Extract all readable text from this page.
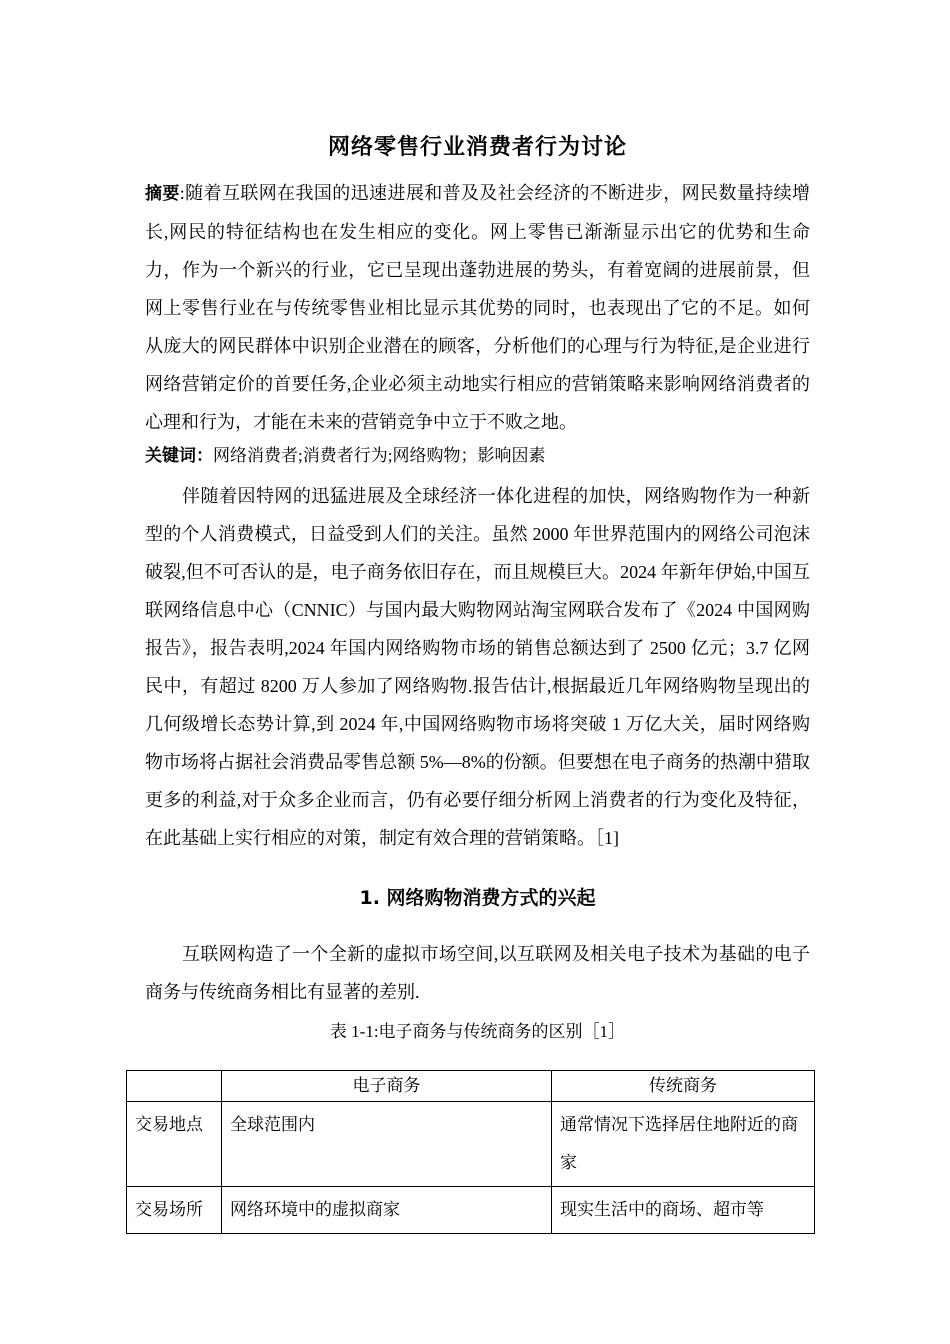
网络零售行业消费者行为讨论

摘要:随着互联网在我国的迅速进展和普及及社会经济的不断进步，网民数量持续增长,网民的特征结构也在发生相应的变化。网上零售已渐渐显示出它的优势和生命力，作为一个新兴的行业，它已呈现出蓬勃进展的势头，有着宽阔的进展前景，但网上零售行业在与传统零售业相比显示其优势的同时，也表现出了它的不足。如何从庞大的网民群体中识别企业潜在的顾客，分析他们的心理与行为特征,是企业进行网络营销定价的首要任务,企业必须主动地实行相应的营销策略来影响网络消费者的心理和行为，才能在未来的营销竞争中立于不败之地。

关键词：网络消费者;消费者行为;网络购物；影响因素

伴随着因特网的迅猛进展及全球经济一体化进程的加快，网络购物作为一种新型的个人消费模式，日益受到人们的关注。虽然 2000 年世界范围内的网络公司泡沫破裂,但不可否认的是，电子商务依旧存在，而且规模巨大。2024 年新年伊始,中国互联网络信息中心（CNNIC）与国内最大购物网站淘宝网联合发布了《2024 中国网购报告》，报告表明,2024 年国内网络购物市场的销售总额达到了 2500 亿元；3.7 亿网民中，有超过 8200 万人参加了网络购物.报告估计,根据最近几年网络购物呈现出的几何级增长态势计算,到 2024 年,中国网络购物市场将突破 1 万亿大关，届时网络购物市场将占据社会消费品零售总额 5%—8%的份额。但要想在电子商务的热潮中猎取更多的利益,对于众多企业而言，仍有必要仔细分析网上消费者的行为变化及特征，在此基础上实行相应的对策，制定有效合理的营销策略。［1]

1. 网络购物消费方式的兴起

互联网构造了一个全新的虚拟市场空间,以互联网及相关电子技术为基础的电子商务与传统商务相比有显著的差别.

表 1-1:电子商务与传统商务的区别［1］

	电子商务	传统商务
交易地点	全球范围内	通常情况下选择居住地附近的商家
交易场所	网络环境中的虚拟商家	现实生活中的商场、超市等
